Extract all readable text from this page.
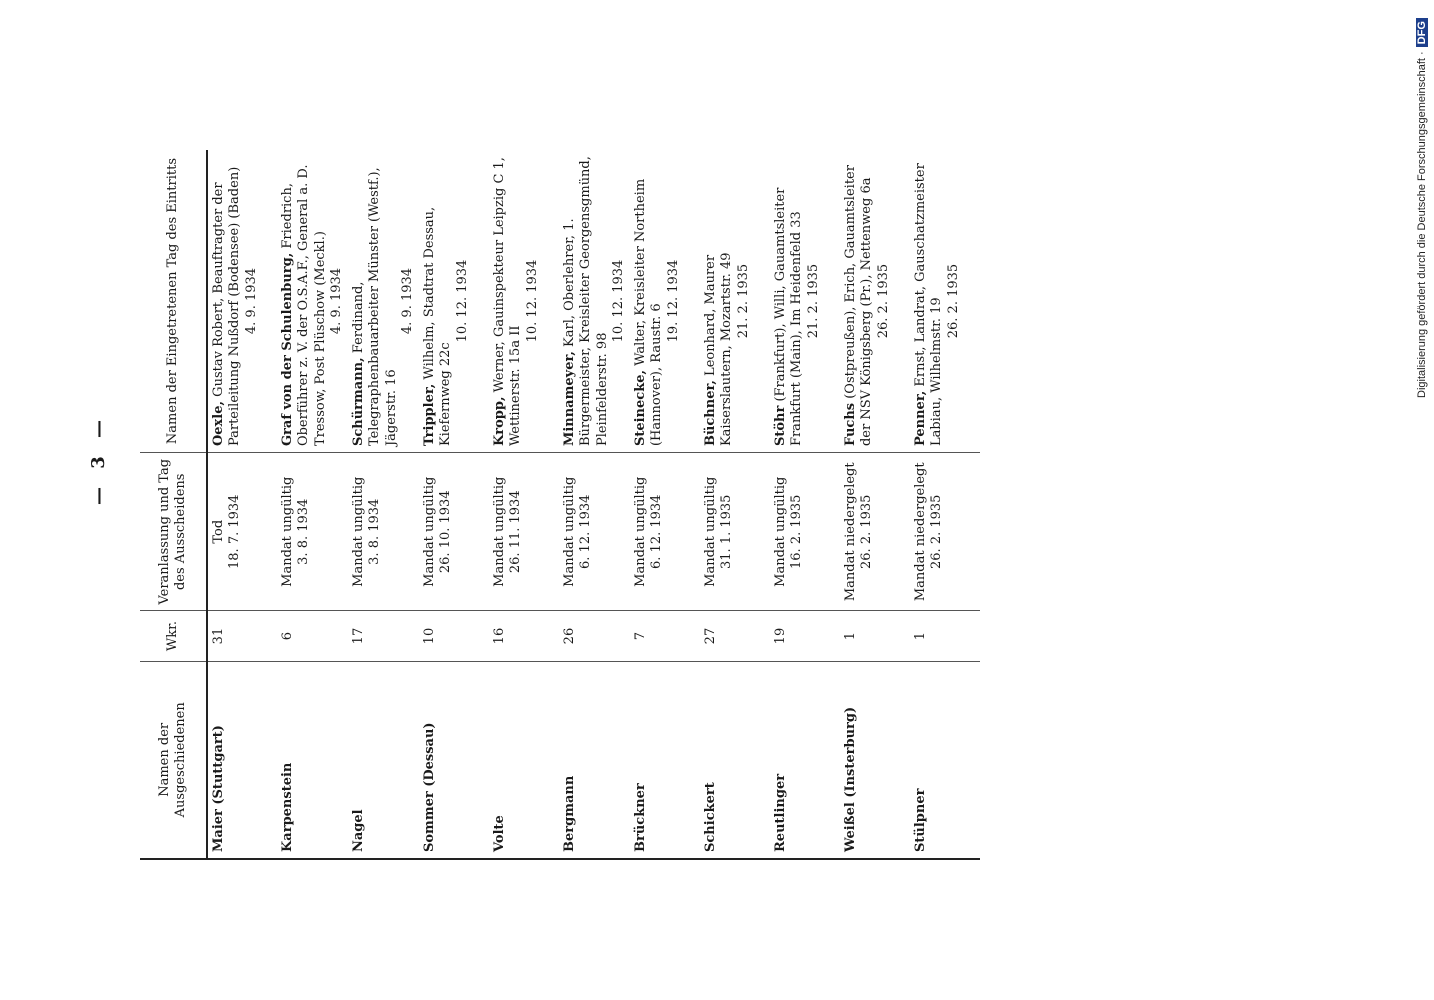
— 3 —
Namen der Ausgeschiedenen	Wkr.	Veranlassung und Tag des Ausscheidens	Namen der Eingetretenen Tag des Eintritts
Maier (Stuttgart)	31	Tod 18. 7. 1934	Oexle, Gustav Robert, Beauftragter der Parteileitung Nußdorf (Bodensee) (Baden) 4. 9. 1934

Karpenstein	6	Mandat ungültig 3. 8. 1934	Graf von der Schulenburg, Friedrich, Oberführer z. V. der O.S.A.F., General a. D. Tressow, Post Plüschow (Meckl.) 4. 9. 1934

Nagel	17	Mandat ungültig 3. 8. 1934	Schürmann, Ferdinand, Telegraphenbauarbeiter Münster (Westf.), Jägerstr. 16
4. 9. 1934

Sommer (Dessau)	10	Mandat ungültig 26. 10. 1934	Trippler, Wilhelm, Stadtrat Dessau, Kiefernweg 22c
10. 12. 1934

Volte	16	Mandat ungültig 26. 11. 1934	Kropp, Werner, Gauinspekteur Leipzig C 1, Wettinerstr. 15a II
10. 12. 1934

Bergmann	26	Mandat ungültig 6. 12. 1934	Minnameyer, Karl, Oberlehrer, 1. Bürgermeister, Kreisleiter Georgensgmünd, Pleinfelderstr. 98
10. 12. 1934

Brückner	7	Mandat ungültig 6. 12. 1934	Steinecke, Walter, Kreisleiter Northeim (Hannover), Raustr. 6
19. 12. 1934

Schickert	27	Mandat ungültig 31. 1. 1935	Büchner, Leonhard, Maurer Kaiserslautern, Mozartstr. 49 21. 2. 1935

Reutlinger	19	Mandat ungültig 16. 2. 1935	Stöhr (Frankfurt), Willi, Gauamtsleiter Frankfurt (Main), Im Heidenfeld 33 21. 2. 1935

Weißel (Insterburg)	1	Mandat niedergelegt 26. 2. 1935	Fuchs (Ostpreußen), Erich, Gauamtsleiter der NSV Königsberg (Pr.), Nettenweg 6a 26. 2. 1935

Stülpner	1	Mandat niedergelegt 26. 2. 1935	Penner, Ernst, Landrat, Gauschatzmeister Labiau, Wilhelmstr. 19 26. 2. 1935	Digitalisierung gefördert durch die Deutsche Forschungsgemeinschaft ·DFG
